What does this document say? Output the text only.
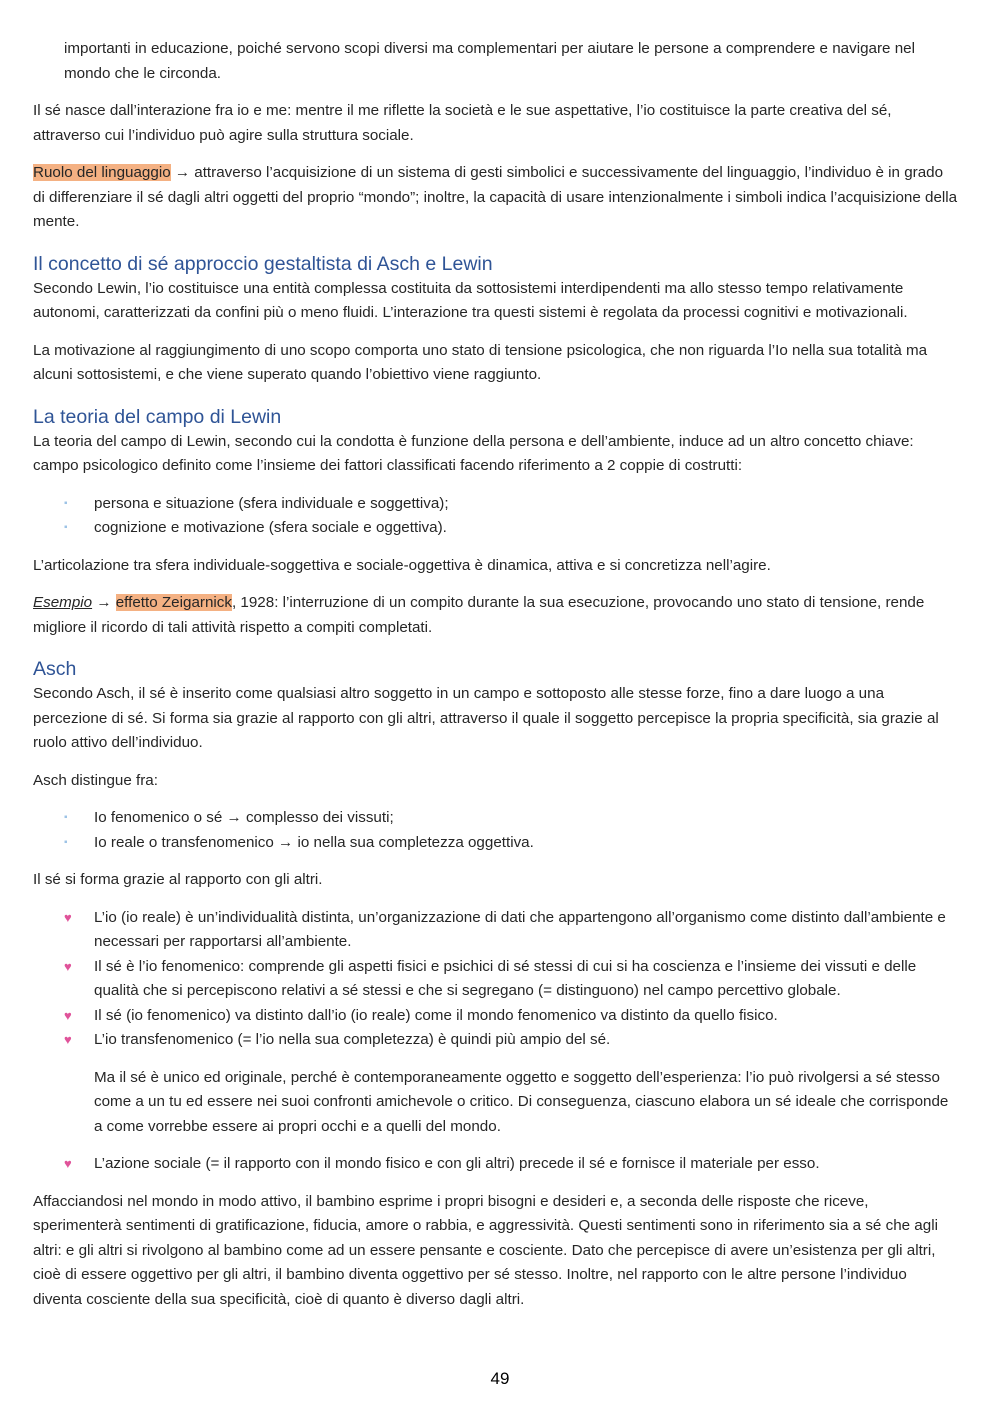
importanti in educazione, poiché servono scopi diversi ma complementari per aiutare le persone a comprendere e navigare nel mondo che le circonda.

Il sé nasce dall’interazione fra io e me: mentre il me riflette la società e le sue aspettative, l’io costituisce la parte creativa del sé, attraverso cui l’individuo può agire sulla struttura sociale.

Ruolo del linguaggio → attraverso l’acquisizione di un sistema di gesti simbolici e successivamente del linguaggio, l’individuo è in grado di differenziare il sé dagli altri oggetti del proprio “mondo”; inoltre, la capacità di usare intenzionalmente i simboli indica l’acquisizione della mente.

Il concetto di sé approccio gestaltista di Asch e Lewin

Secondo Lewin, l’io costituisce una entità complessa costituita da sottosistemi interdipendenti ma allo stesso tempo relativamente autonomi, caratterizzati da confini più o meno fluidi. L’interazione tra questi sistemi è regolata da processi cognitivi e motivazionali.

La motivazione al raggiungimento di uno scopo comporta uno stato di tensione psicologica, che non riguarda l’Io nella sua totalità ma alcuni sottosistemi, e che viene superato quando l’obiettivo viene raggiunto.

La teoria del campo di Lewin

La teoria del campo di Lewin, secondo cui la condotta è funzione della persona e dell’ambiente, induce ad un altro concetto chiave: campo psicologico definito come l’insieme dei fattori classificati facendo riferimento a 2 coppie di costrutti:

▪ persona e situazione (sfera individuale e soggettiva);
▪ cognizione e motivazione (sfera sociale e oggettiva).

L’articolazione tra sfera individuale-soggettiva e sociale-oggettiva è dinamica, attiva e si concretizza nell’agire.

Esempio → effetto Zeigarnick, 1928: l’interruzione di un compito durante la sua esecuzione, provocando uno stato di tensione, rende migliore il ricordo di tali attività rispetto a compiti completati.

Asch

Secondo Asch, il sé è inserito come qualsiasi altro soggetto in un campo e sottoposto alle stesse forze, fino a dare luogo a una percezione di sé. Si forma sia grazie al rapporto con gli altri, attraverso il quale il soggetto percepisce la propria specificità, sia grazie al ruolo attivo dell’individuo.

Asch distingue fra:

▪ Io fenomenico o sé → complesso dei vissuti;
▪ Io reale o transfenomenico → io nella sua completezza oggettiva.

Il sé si forma grazie al rapporto con gli altri.

♥ L’io (io reale) è un’individualità distinta, un’organizzazione di dati che appartengono all’organismo come distinto dall’ambiente e necessari per rapportarsi all’ambiente.
♥ Il sé è l’io fenomenico: comprende gli aspetti fisici e psichici di sé stessi di cui si ha coscienza e l’insieme dei vissuti e delle qualità che si percepiscono relativi a sé stessi e che si segregano (= distinguono) nel campo percettivo globale.
♥ Il sé (io fenomenico) va distinto dall’io (io reale) come il mondo fenomenico va distinto da quello fisico.
♥ L’io transfenomenico (= l’io nella sua completezza) è quindi più ampio del sé.

Ma il sé è unico ed originale, perché è contemporaneamente oggetto e soggetto dell’esperienza: l’io può rivolgersi a sé stesso come a un tu ed essere nei suoi confronti amichevole o critico. Di conseguenza, ciascuno elabora un sé ideale che corrisponde a come vorrebbe essere ai propri occhi e a quelli del mondo.

♥ L’azione sociale (= il rapporto con il mondo fisico e con gli altri) precede il sé e fornisce il materiale per esso.

Affacciandosi nel mondo in modo attivo, il bambino esprime i propri bisogni e desideri e, a seconda delle risposte che riceve, sperimenterà sentimenti di gratificazione, fiducia, amore o rabbia, e aggressività. Questi sentimenti sono in riferimento sia a sé che agli altri: e gli altri si rivolgono al bambino come ad un essere pensante e cosciente. Dato che percepisce di avere un’esistenza per gli altri, cioè di essere oggettivo per gli altri, il bambino diventa oggettivo per sé stesso. Inoltre, nel rapporto con le altre persone l’individuo diventa cosciente della sua specificità, cioè di quanto è diverso dagli altri.

49
